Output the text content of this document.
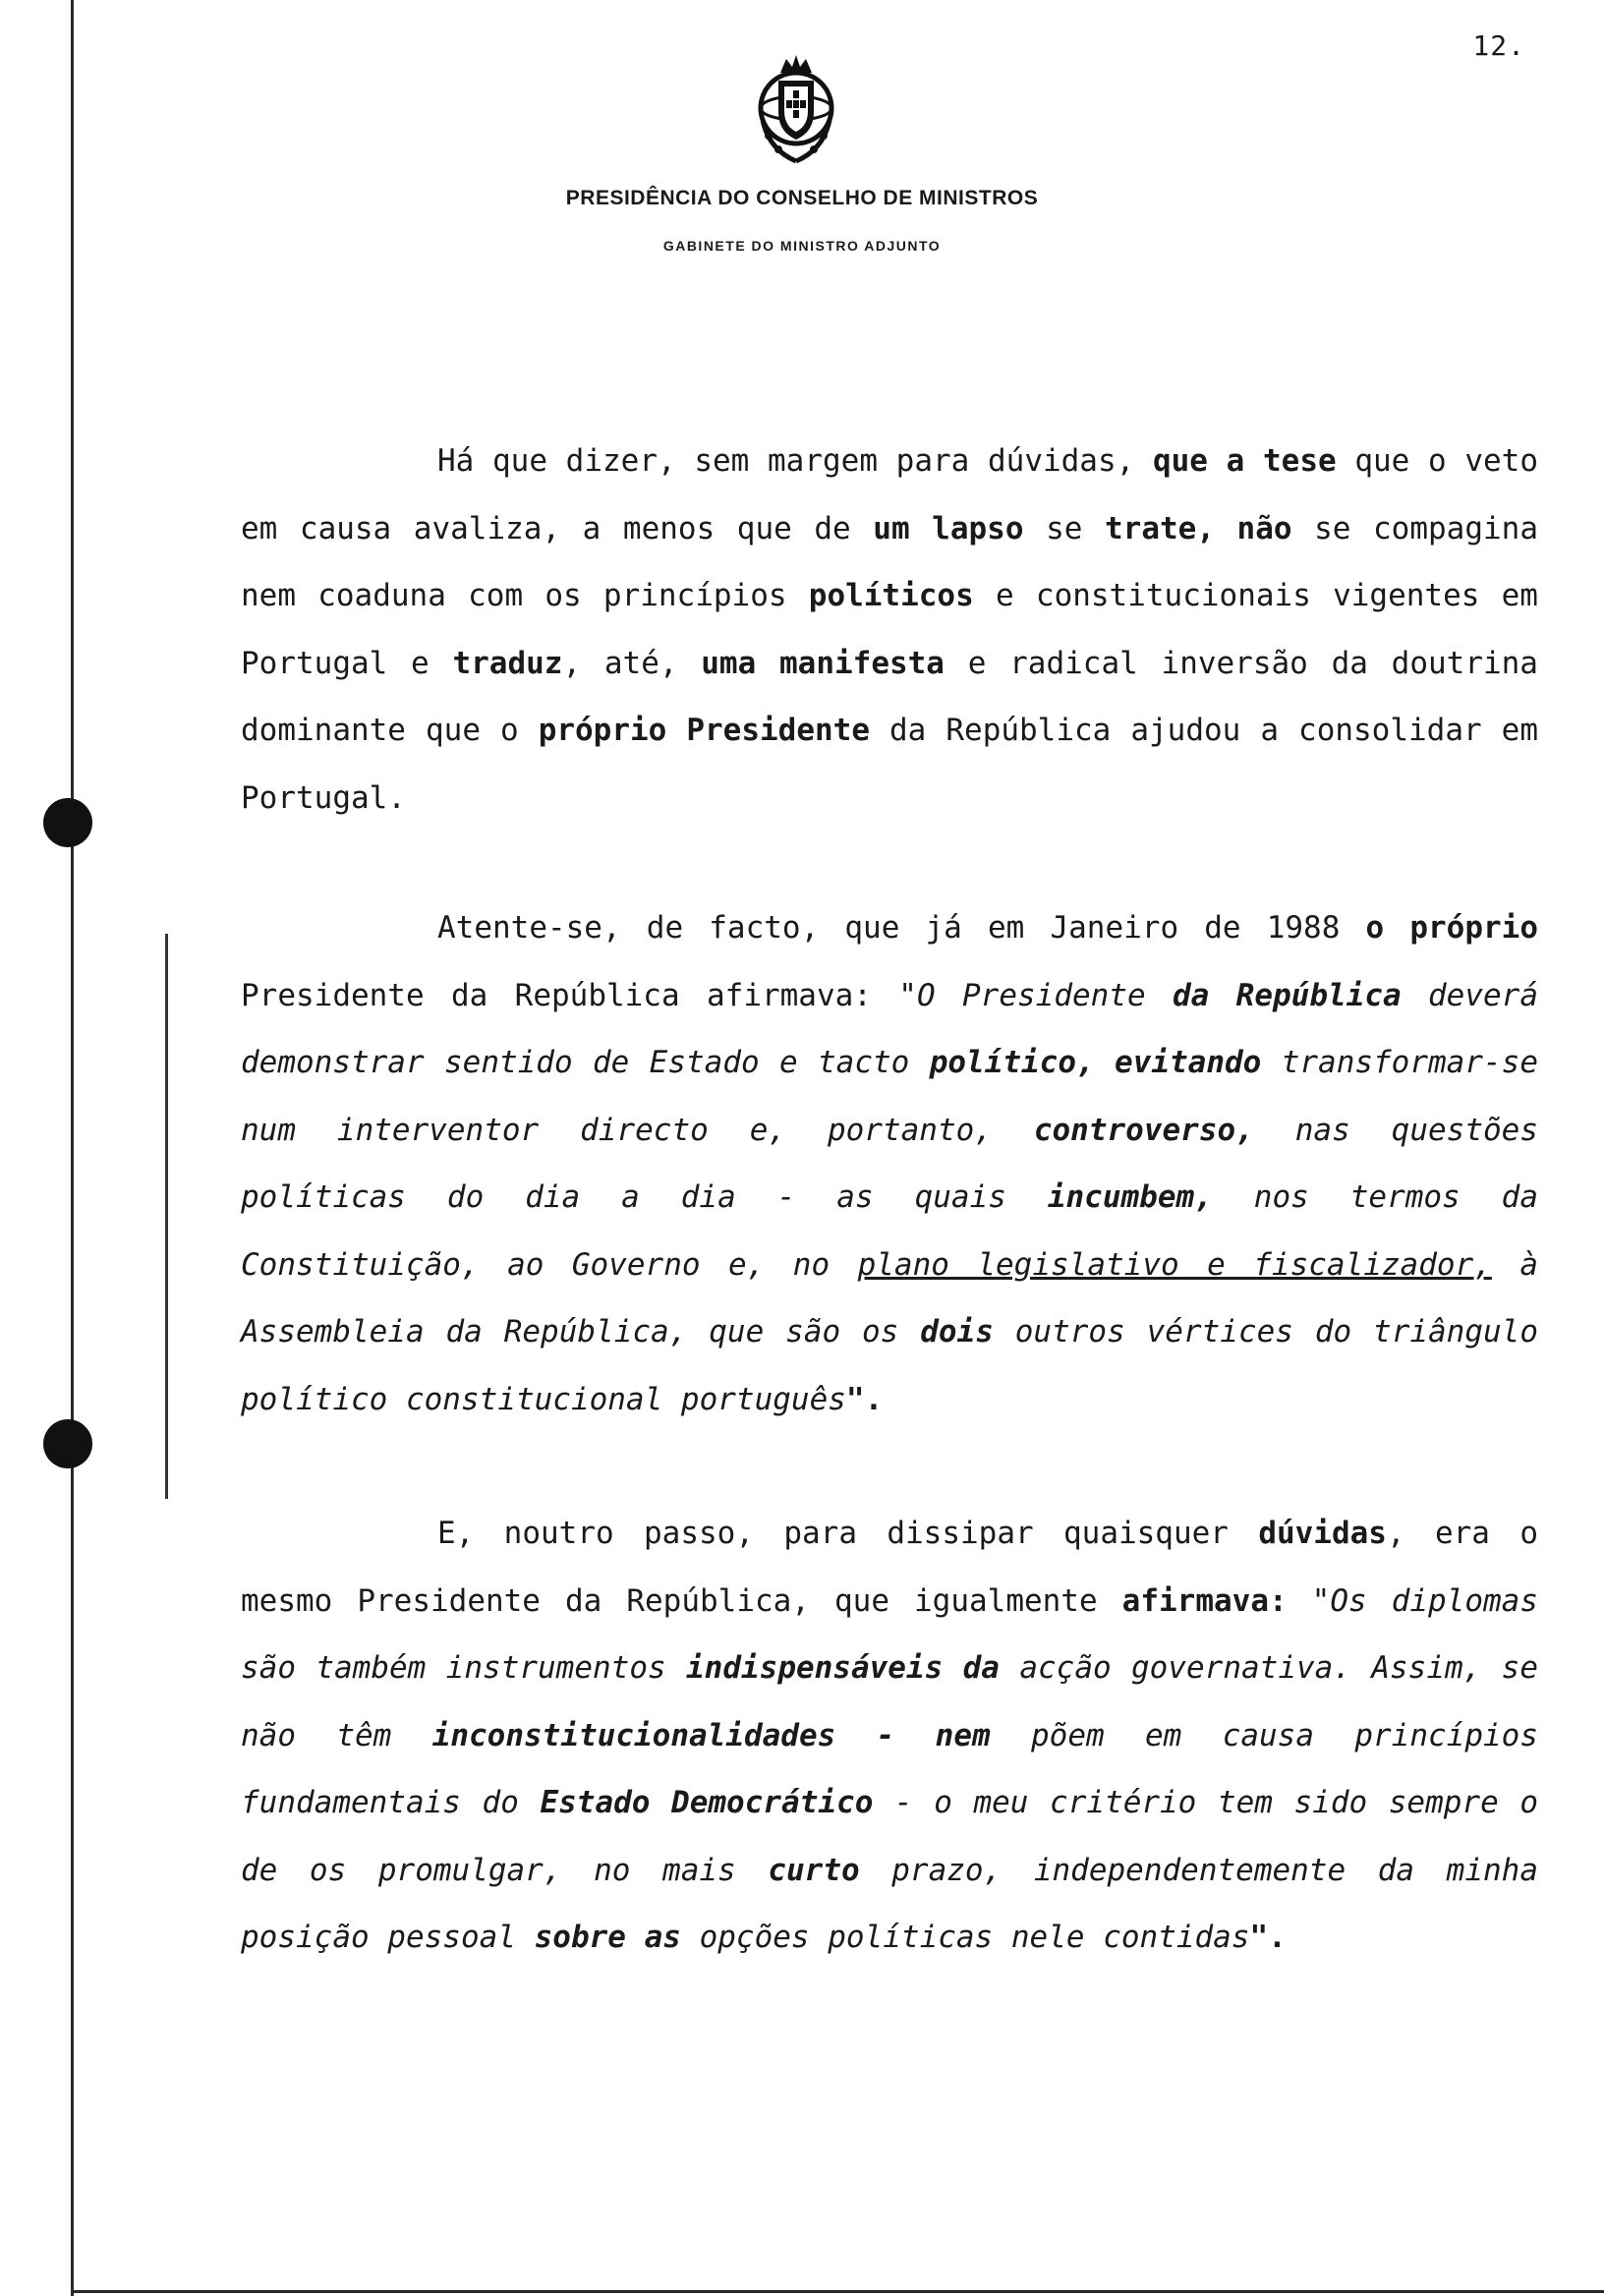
12.
PRESIDÊNCIA DO CONSELHO DE MINISTROS
GABINETE DO MINISTRO ADJUNTO

Há que dizer, sem margem para dúvidas, que a tese que o veto em causa avaliza, a menos que de um lapso se trate, não se compagina nem coaduna com os princípios políticos e constitucionais vigentes em Portugal e traduz, até, uma manifesta e radical inversão da doutrina dominante que o próprio Presidente da República ajudou a consolidar em Portugal.

Atente-se, de facto, que já em Janeiro de 1988 o próprio Presidente da República afirmava: "O Presidente da República deverá demonstrar sentido de Estado e tacto político, evitando transformar-se num interventor directo e, portanto, controverso, nas questões políticas do dia a dia - as quais incumbem, nos termos da Constituição, ao Governo e, no plano legislativo e fiscalizador, à Assembleia da República, que são os dois outros vértices do triângulo político constitucional português".

E, noutro passo, para dissipar quaisquer dúvidas, era o mesmo Presidente da República, que igualmente afirmava: "Os diplomas são também instrumentos indispensáveis da acção governativa. Assim, se não têm inconstitucionalidades - nem põem em causa princípios fundamentais do Estado Democrático - o meu critério tem sido sempre o de os promulgar, no mais curto prazo, independentemente da minha posição pessoal sobre as opções políticas nele contidas".
